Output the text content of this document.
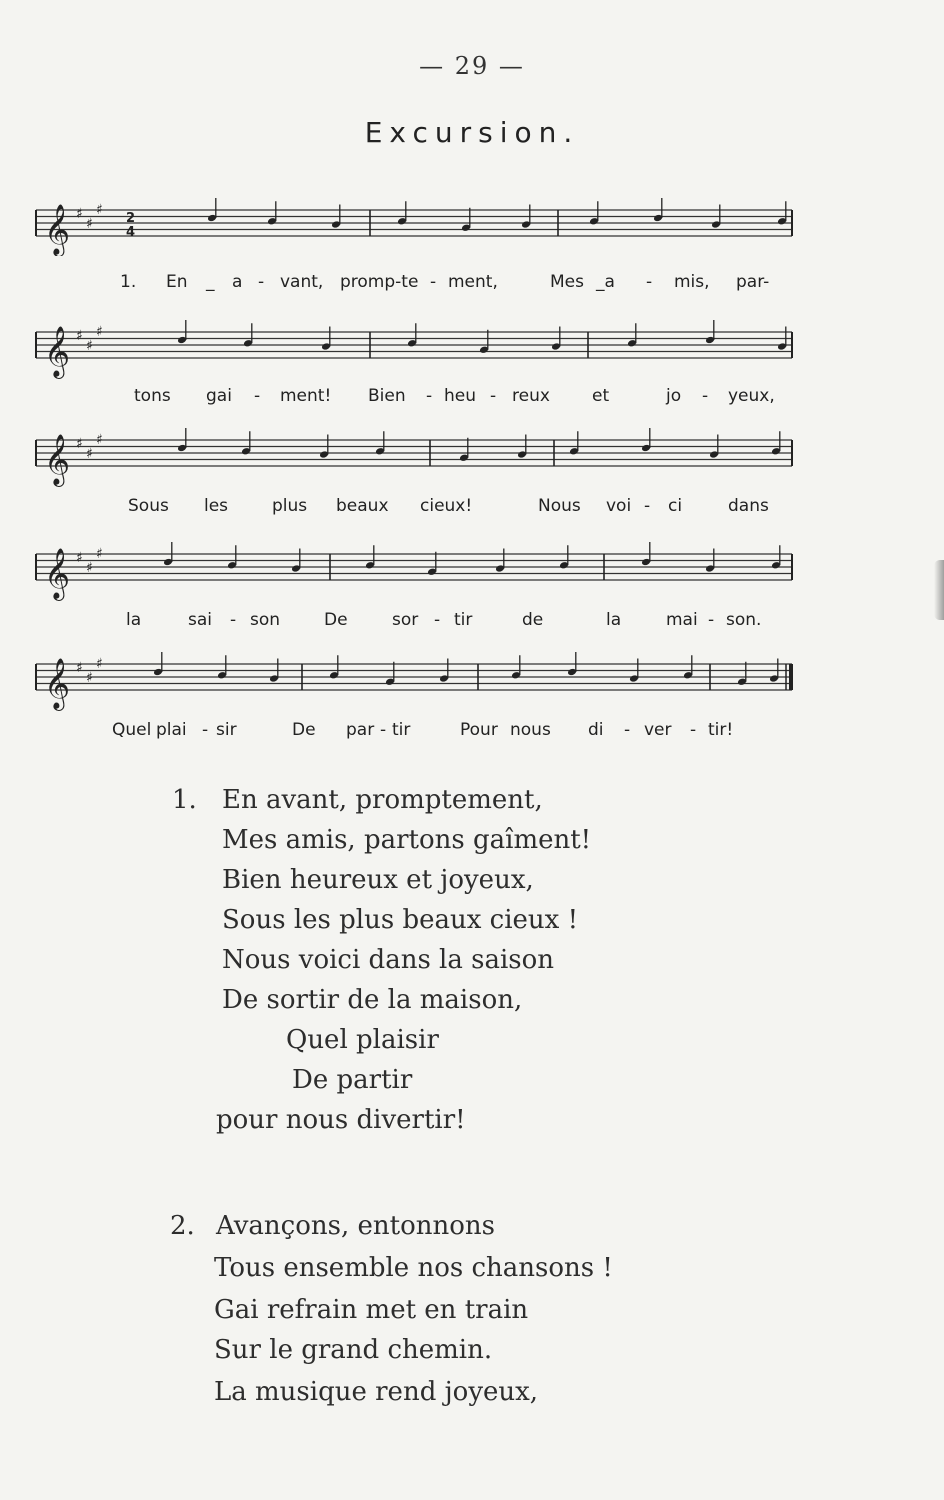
— 29 —
Excursion.
𝄞 ♯
♯
♯
2
4
1. En _ a - vant, promp-te - ment,	Mes _a - mis, par-
𝄞 ♯
♯
♯
tons gai - ment! Bien - heu - reux et	jo - yeux,
𝄞 ♯
♯
♯
Sous les	plus beaux cieux!	Nous voi - ci	dans
𝄞 ♯
♯
♯
la	sai - son	De	sor - tir	de	la	mai - son.
𝄞 ♯
♯
♯
Quel plai - sir	De par - tir	Pour nous di - ver - tir!
1. En avant, promptement,
Mes amis, partons gaîment!
Bien heureux et joyeux,
Sous les plus beaux cieux !
Nous voici dans la saison
De sortir de la maison,
Quel plaisir
De partir
pour nous divertir!
2. Avançons, entonnons
Tous ensemble nos chansons !
Gai refrain met en train
Sur le grand chemin.
La musique rend joyeux,
